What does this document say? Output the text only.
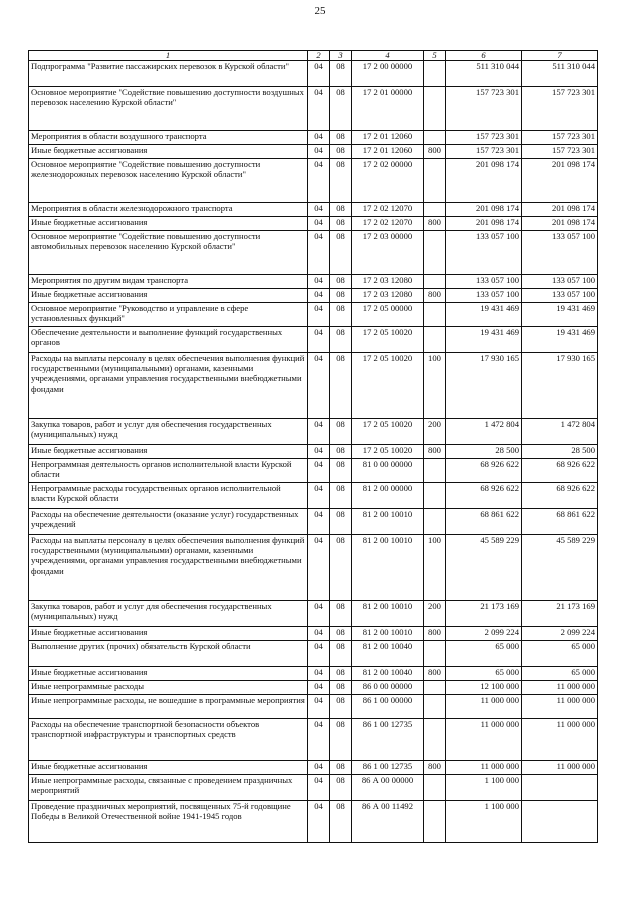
25
1	2	3	4	5	6	7
Подпрограмма "Развитие пассажирских перевозок в Курской области"	04	08	17 2 00 00000		511 310 044	511 310 044
Основное мероприятие "Содействие повышению доступности воздушных перевозок населению Курской области"	04	08	17 2 01 00000		157 723 301	157 723 301
Мероприятия в области воздушного транспорта	04	08	17 2 01 12060		157 723 301	157 723 301
Иные бюджетные ассигнования	04	08	17 2 01 12060	800	157 723 301	157 723 301
Основное мероприятие "Содействие повышению доступности железнодорожных перевозок населению Курской области"	04	08	17 2 02 00000		201 098 174	201 098 174
Мероприятия в области железнодорожного транспорта	04	08	17 2 02 12070		201 098 174	201 098 174
Иные бюджетные ассигнования	04	08	17 2 02 12070	800	201 098 174	201 098 174
Основное мероприятие "Содействие повышению доступности автомобильных перевозок населению Курской области"	04	08	17 2 03 00000		133 057 100	133 057 100
Мероприятия по другим видам транспорта	04	08	17 2 03 12080		133 057 100	133 057 100
Иные бюджетные ассигнования	04	08	17 2 03 12080	800	133 057 100	133 057 100
Основное мероприятие "Руководство и управление в сфере установленных функций"	04	08	17 2 05 00000		19 431 469	19 431 469
Обеспечение деятельности и выполнение функций государственных органов	04	08	17 2 05 10020		19 431 469	19 431 469
Расходы на выплаты персоналу в целях обеспечения выполнения функций государственными (муниципальными) органами, казенными учреждениями, органами управления государственными внебюджетными фондами	04	08	17 2 05 10020	100	17 930 165	17 930 165
Закупка товаров, работ и услуг для обеспечения государственных (муниципальных) нужд	04	08	17 2 05 10020	200	1 472 804	1 472 804
Иные бюджетные ассигнования	04	08	17 2 05 10020	800	28 500	28 500
Непрограммная деятельность органов исполнительной власти Курской области	04	08	81 0 00 00000		68 926 622	68 926 622
Непрограммные расходы государственных органов исполнительной власти Курской области	04	08	81 2 00 00000		68 926 622	68 926 622
Расходы на обеспечение деятельности (оказание услуг) государственных учреждений	04	08	81 2 00 10010		68 861 622	68 861 622
Расходы на выплаты персоналу в целях обеспечения выполнения функций государственными (муниципальными) органами, казенными учреждениями, органами управления государственными внебюджетными фондами	04	08	81 2 00 10010	100	45 589 229	45 589 229
Закупка товаров, работ и услуг для обеспечения государственных (муниципальных) нужд	04	08	81 2 00 10010	200	21 173 169	21 173 169
Иные бюджетные ассигнования	04	08	81 2 00 10010	800	2 099 224	2 099 224
Выполнение других (прочих) обязательств Курской области	04	08	81 2 00 10040		65 000	65 000
Иные бюджетные ассигнования	04	08	81 2 00 10040	800	65 000	65 000
Иные непрограммные расходы	04	08	86 0 00 00000		12 100 000	11 000 000
Иные непрограммные расходы, не вошедшие в программные мероприятия	04	08	86 1 00 00000		11 000 000	11 000 000
Расходы на обеспечение транспортной безопасности объектов транспортной инфраструктуры и транспортных средств	04	08	86 1 00 12735		11 000 000	11 000 000
Иные бюджетные ассигнования	04	08	86 1 00 12735	800	11 000 000	11 000 000
Иные непрограммные расходы, связанные с проведением праздничных мероприятий	04	08	86 А 00 00000		1 100 000	
Проведение праздничных мероприятий, посвященных 75-й годовщине Победы в Великой Отечественной войне 1941-1945 годов	04	08	86 А 00 11492		1 100 000	
